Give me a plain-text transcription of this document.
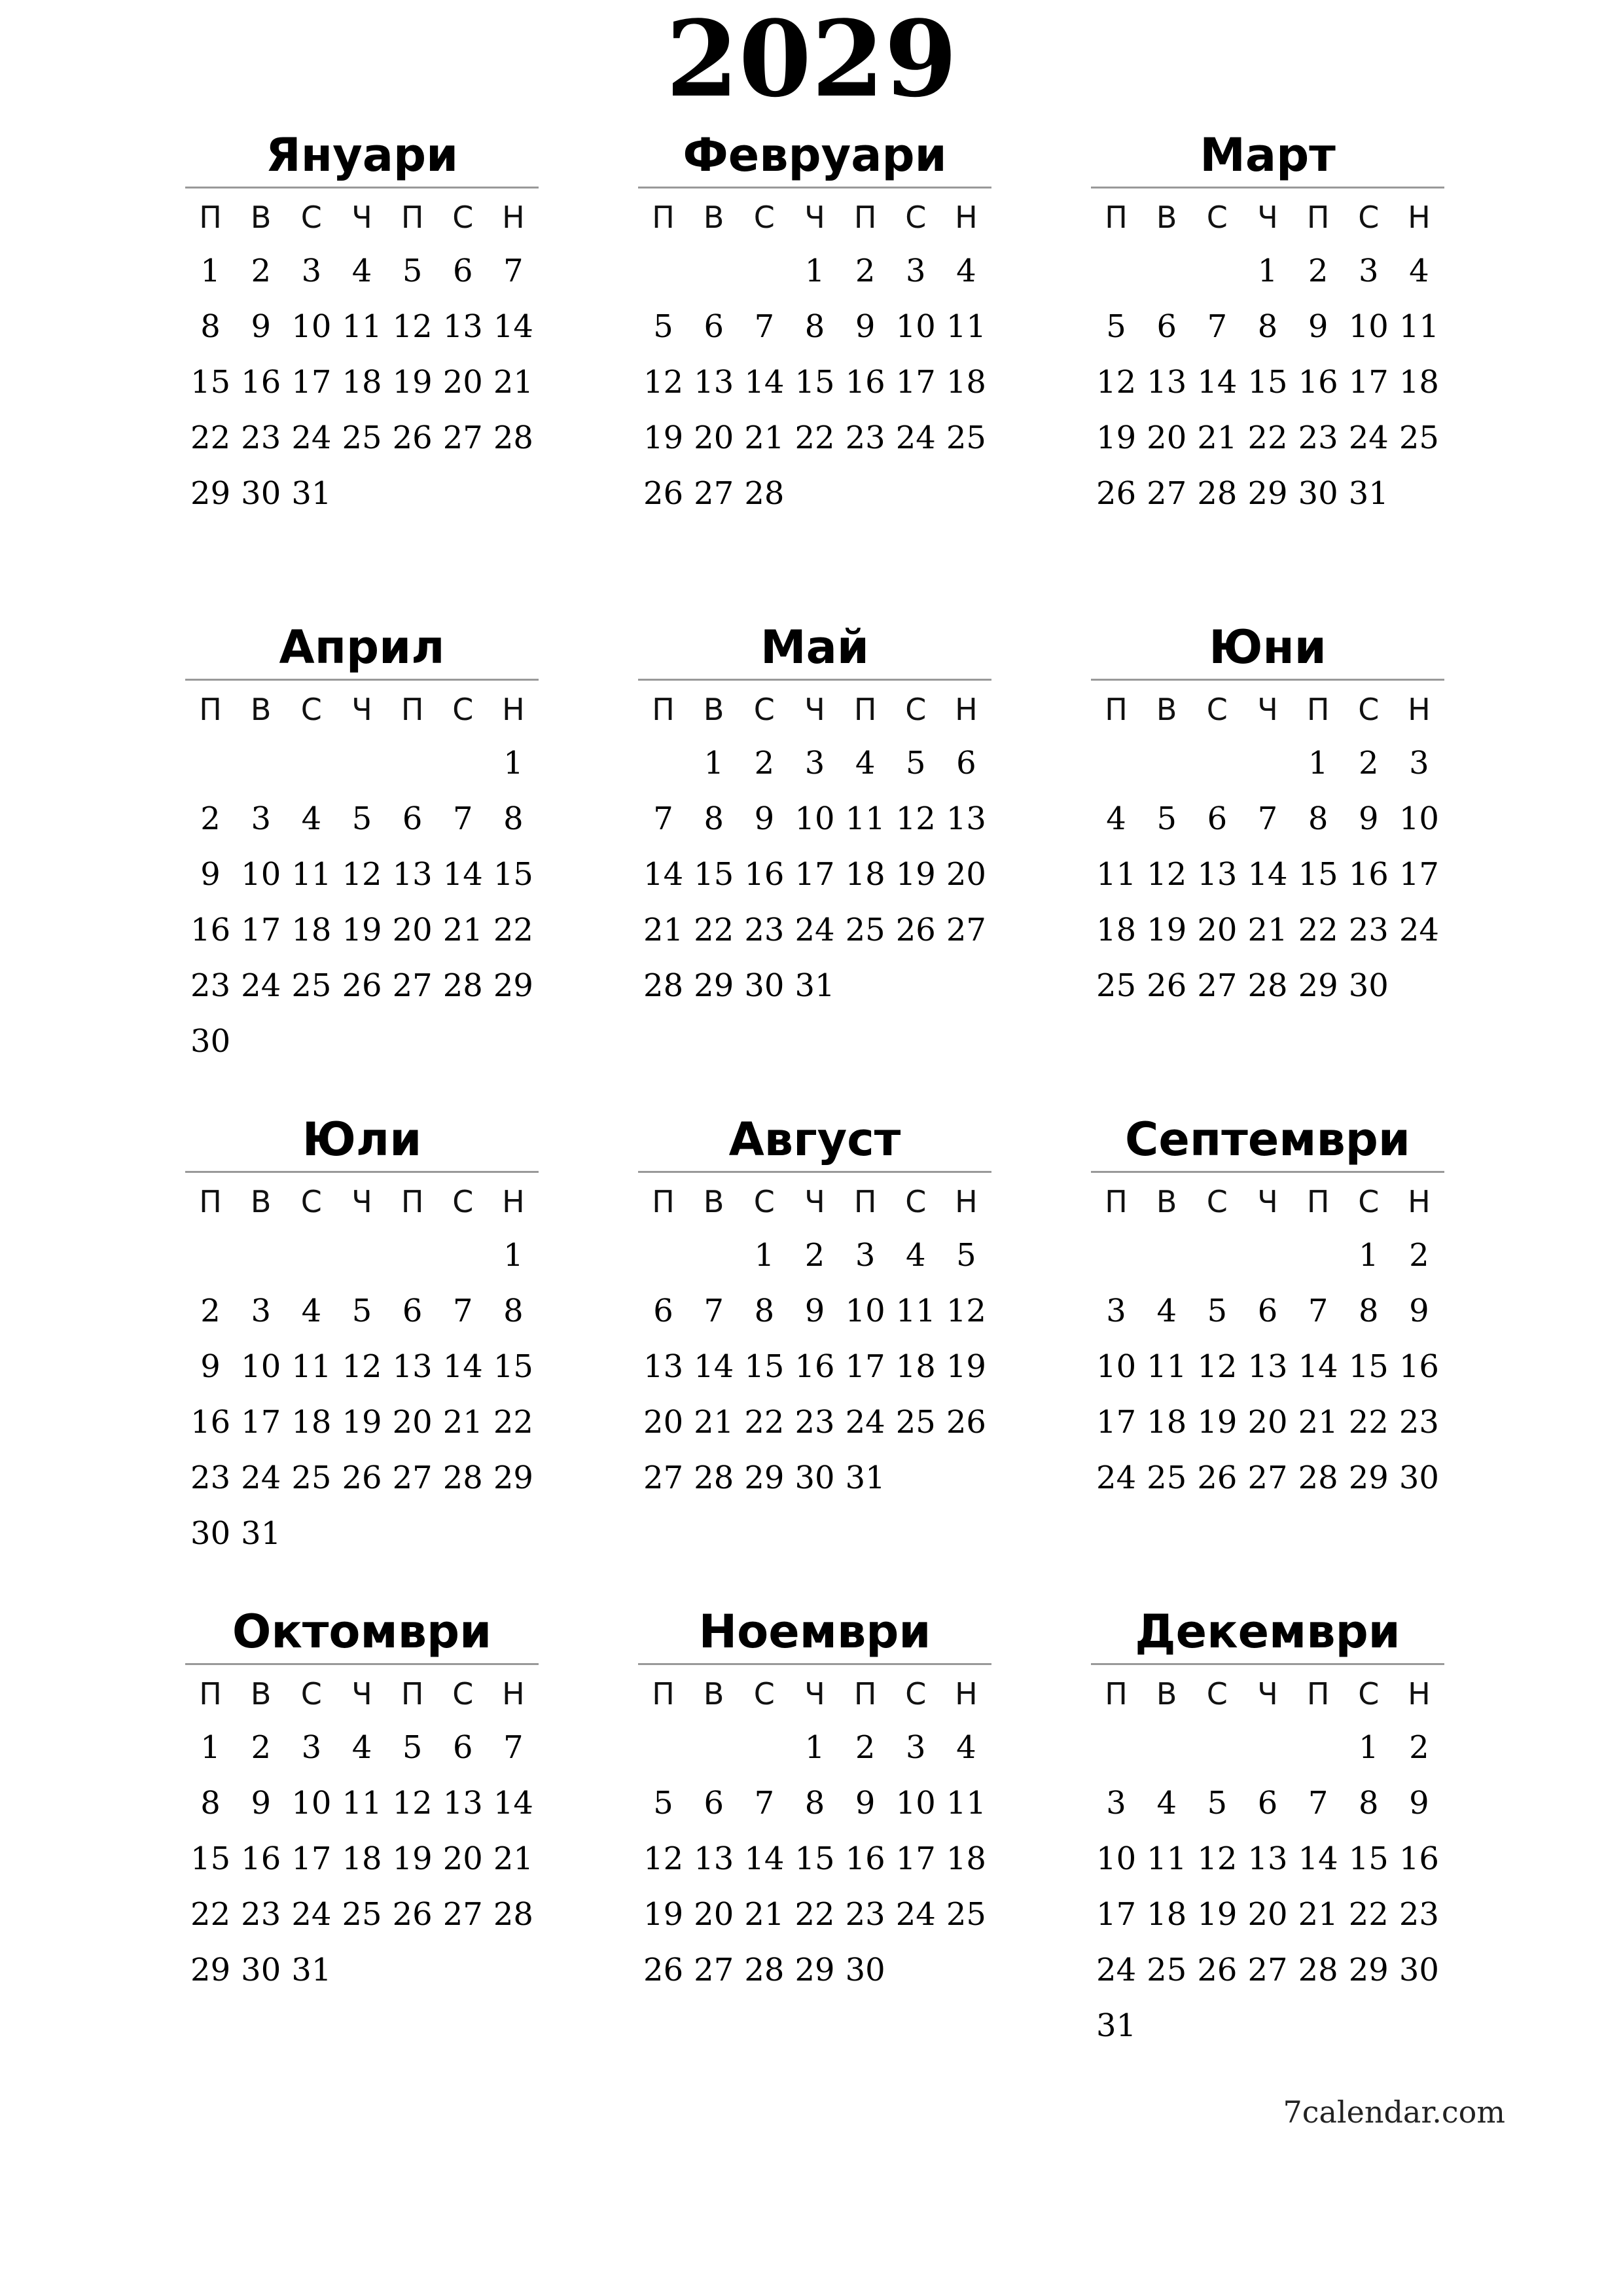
2029
Януари
П В С Ч П С Н
1 2 3 4 5 6 7
8 9 10 11 12 13 14
15 16 17 18 19 20 21
22 23 24 25 26 27 28
29 30 31
Февруари
П В С Ч П С Н
1 2 3 4
5 6 7 8 9 10 11
12 13 14 15 16 17 18
19 20 21 22 23 24 25
26 27 28
Март
П В С Ч П С Н
1 2 3 4
5 6 7 8 9 10 11
12 13 14 15 16 17 18
19 20 21 22 23 24 25
26 27 28 29 30 31
Април
П В С Ч П С Н
1
2 3 4 5 6 7 8
9 10 11 12 13 14 15
16 17 18 19 20 21 22
23 24 25 26 27 28 29
30
Май
П В С Ч П С Н
1 2 3 4 5 6
7 8 9 10 11 12 13
14 15 16 17 18 19 20
21 22 23 24 25 26 27
28 29 30 31
Юни
П В С Ч П С Н
1 2 3
4 5 6 7 8 9 10
11 12 13 14 15 16 17
18 19 20 21 22 23 24
25 26 27 28 29 30
Юли
П В С Ч П С Н
1
2 3 4 5 6 7 8
9 10 11 12 13 14 15
16 17 18 19 20 21 22
23 24 25 26 27 28 29
30 31
Август
П В С Ч П С Н
1 2 3 4 5
6 7 8 9 10 11 12
13 14 15 16 17 18 19
20 21 22 23 24 25 26
27 28 29 30 31
Септември
П В С Ч П С Н
1 2
3 4 5 6 7 8 9
10 11 12 13 14 15 16
17 18 19 20 21 22 23
24 25 26 27 28 29 30
Октомври
П В С Ч П С Н
1 2 3 4 5 6 7
8 9 10 11 12 13 14
15 16 17 18 19 20 21
22 23 24 25 26 27 28
29 30 31
Ноември
П В С Ч П С Н
1 2 3 4
5 6 7 8 9 10 11
12 13 14 15 16 17 18
19 20 21 22 23 24 25
26 27 28 29 30
Декември
П В С Ч П С Н
1 2
3 4 5 6 7 8 9
10 11 12 13 14 15 16
17 18 19 20 21 22 23
24 25 26 27 28 29 30
31
7calendar.com
